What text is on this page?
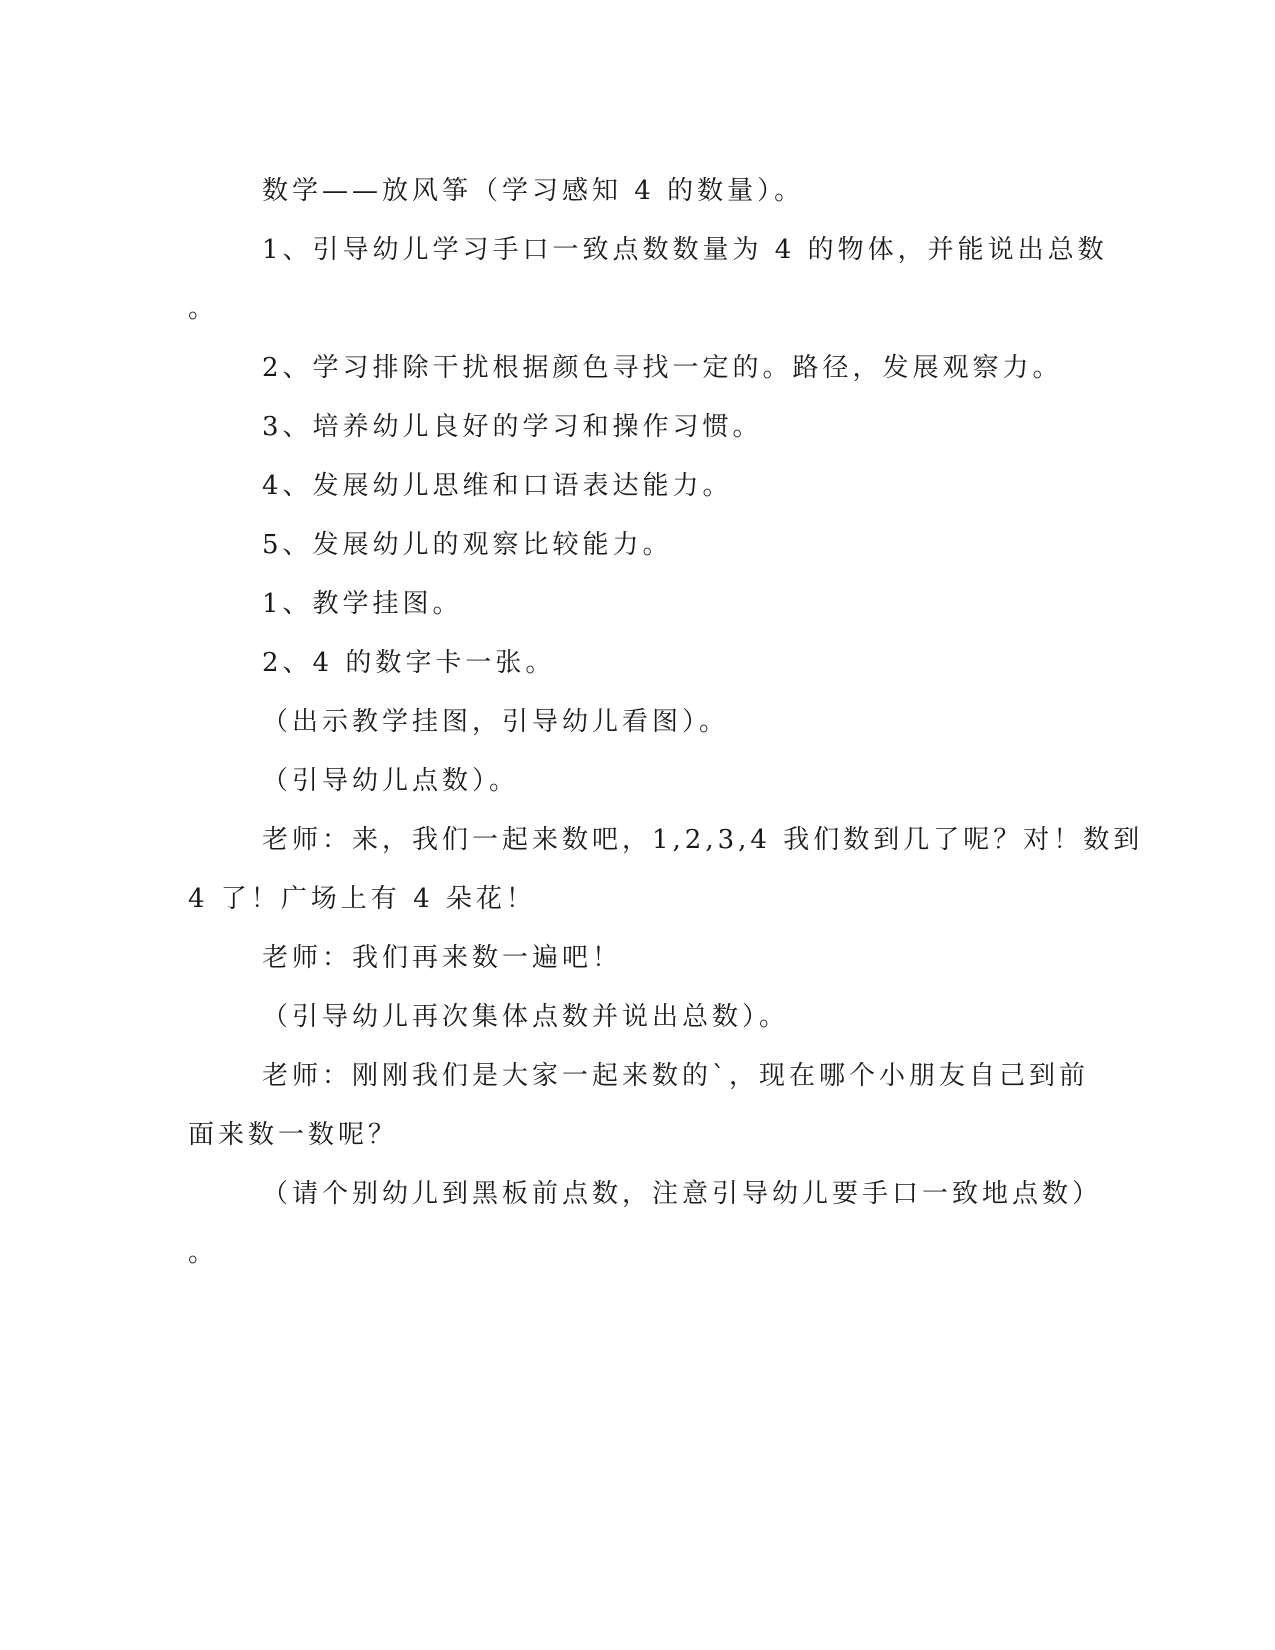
数学——放风筝（学习感知 4 的数量）。
1、引导幼儿学习手口一致点数数量为 4 的物体，并能说出总数
。
2、学习排除干扰根据颜色寻找一定的。路径，发展观察力。
3、培养幼儿良好的学习和操作习惯。
4、发展幼儿思维和口语表达能力。
5、发展幼儿的观察比较能力。
1、教学挂图。
2、4 的数字卡一张。
（出示教学挂图，引导幼儿看图）。
（引导幼儿点数）。
老师：来，我们一起来数吧，1,2,3,4 我们数到几了呢？对！数到
4 了！广场上有 4 朵花！
老师：我们再来数一遍吧！
（引导幼儿再次集体点数并说出总数）。
老师：刚刚我们是大家一起来数的`，现在哪个小朋友自己到前
面来数一数呢？
（请个别幼儿到黑板前点数，注意引导幼儿要手口一致地点数）
。
